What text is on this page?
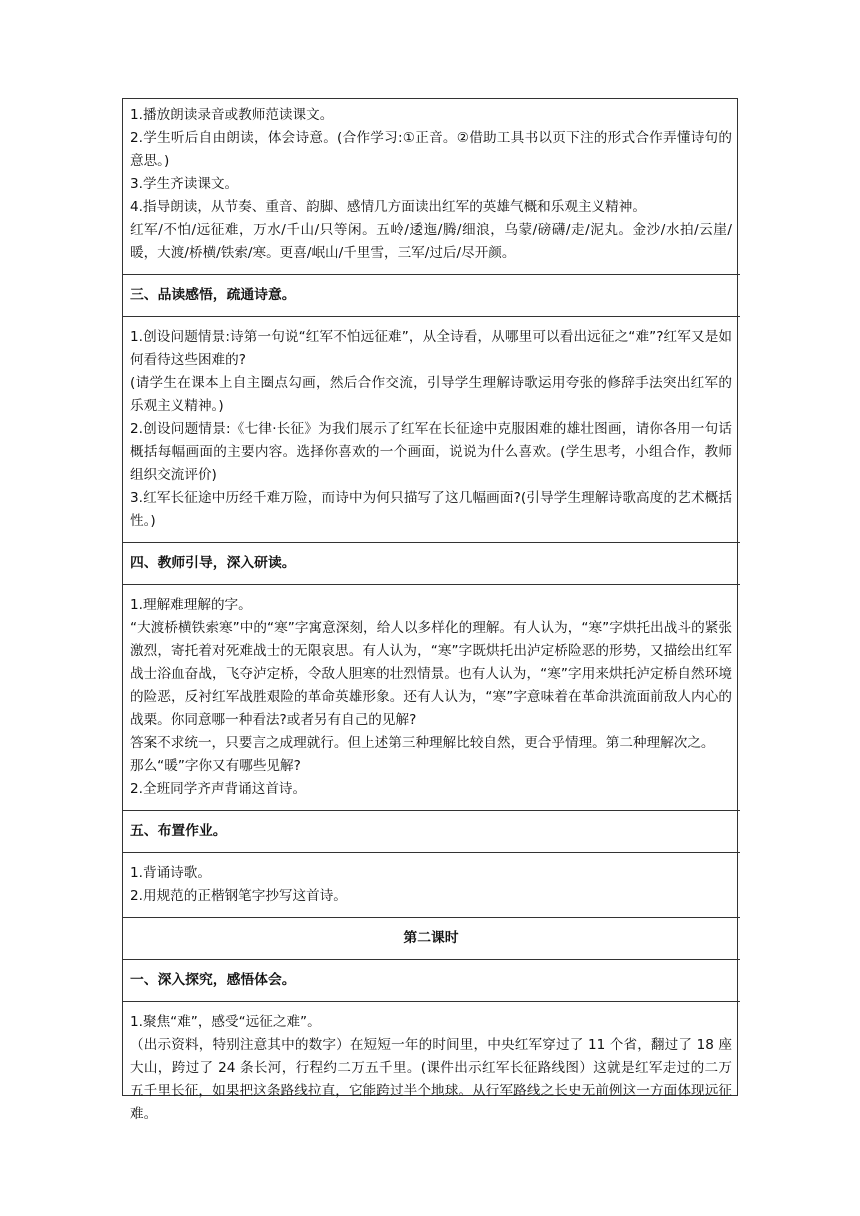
1.播放朗读录音或教师范读课文。

2.学生听后自由朗读，体会诗意。(合作学习:①正音。②借助工具书以页下注的形式合作弄懂诗句的意思。)

3.学生齐读课文。

4.指导朗读，从节奏、重音、韵脚、感情几方面读出红军的英雄气概和乐观主义精神。

红军/不怕/远征难，万水/千山/只等闲。五岭/逶迤/腾/细浪，乌蒙/磅礴/走/泥丸。金沙/水拍/云崖/暖，大渡/桥横/铁索/寒。更喜/岷山/千里雪，三军/过后/尽开颜。

三、品读感悟，疏通诗意。

1.创设问题情景:诗第一句说“红军不怕远征难”，从全诗看，从哪里可以看出远征之“难”?红军又是如何看待这些困难的?

(请学生在课本上自主圈点勾画，然后合作交流，引导学生理解诗歌运用夸张的修辞手法突出红军的乐观主义精神。)

2.创设问题情景:《七律·长征》为我们展示了红军在长征途中克服困难的雄壮图画，请你各用一句话概括每幅画面的主要内容。选择你喜欢的一个画面，说说为什么喜欢。(学生思考，小组合作，教师组织交流评价)

3.红军长征途中历经千难万险，而诗中为何只描写了这几幅画面?(引导学生理解诗歌高度的艺术概括性。)

四、教师引导，深入研读。

1.理解难理解的字。

“大渡桥横铁索寒”中的“寒”字寓意深刻，给人以多样化的理解。有人认为，“寒”字烘托出战斗的紧张激烈，寄托着对死难战士的无限哀思。有人认为，“寒”字既烘托出泸定桥险恶的形势，又描绘出红军战士浴血奋战，飞夺泸定桥，令敌人胆寒的壮烈情景。也有人认为，“寒”字用来烘托泸定桥自然环境的险恶，反衬红军战胜艰险的革命英雄形象。还有人认为，“寒”字意味着在革命洪流面前敌人内心的战栗。你同意哪一种看法?或者另有自己的见解?

答案不求统一，只要言之成理就行。但上述第三种理解比较自然，更合乎情理。第二种理解次之。

那么“暖”字你又有哪些见解?

2.全班同学齐声背诵这首诗。

五、布置作业。

1.背诵诗歌。

2.用规范的正楷钢笔字抄写这首诗。

第二课时

一、深入探究，感悟体会。

1.聚焦“难”，感受“远征之难”。

（出示资料，特别注意其中的数字）在短短一年的时间里，中央红军穿过了 11 个省，翻过了 18 座大山，跨过了 24 条长河，行程约二万五千里。(课件出示红军长征路线图）这就是红军走过的二万五千里长征，如果把这条路线拉直，它能跨过半个地球。从行军路线之长史无前例这一方面体现远征难。
